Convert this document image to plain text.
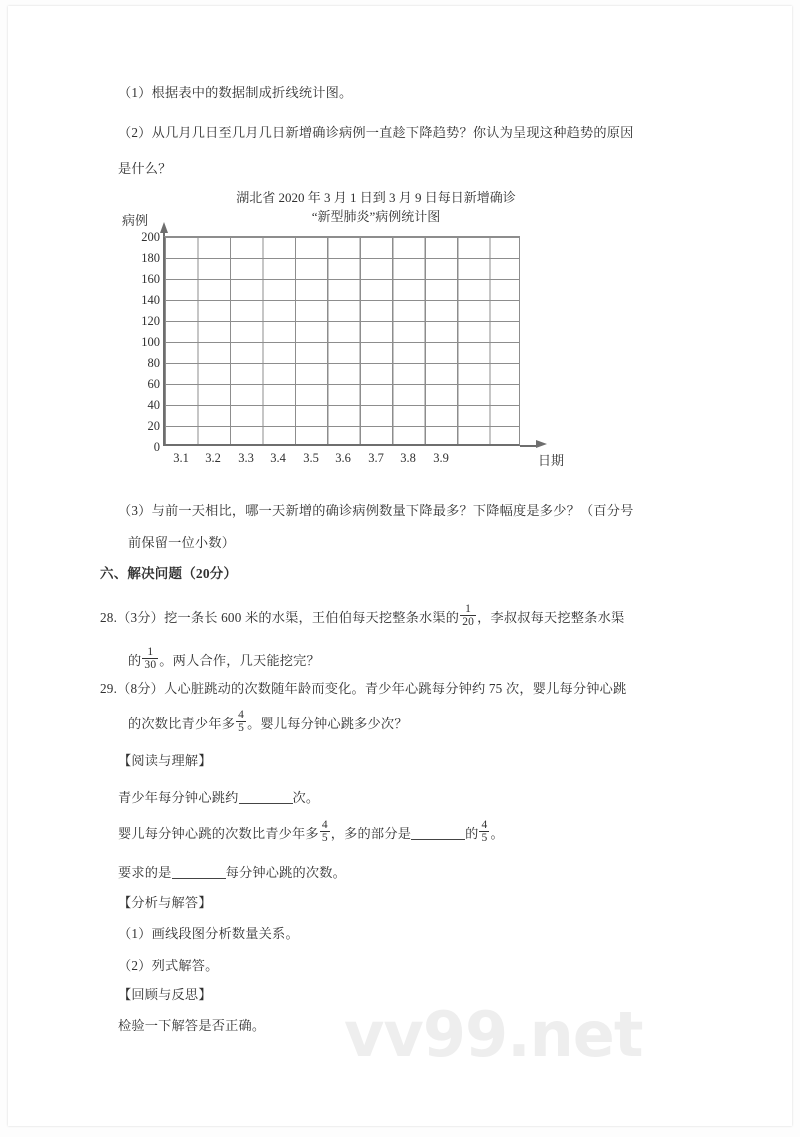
（1）根据表中的数据制成折线统计图。
（2）从几月几日至几月几日新增确诊病例一直趁下降趋势？你认为呈现这种趋势的原因
是什么？
湖北省 2020 年 3 月 1 日到 3 月 9 日每日新增确诊
“新型肺炎”病例统计图
病例
200
180
160
140
120
100
80
60
40
20
0
3.1	3.2	3.3	3.4	3.5	3.6	3.7	3.8	3.9	日期
（3）与前一天相比，哪一天新增的确诊病例数量下降最多？下降幅度是多少？（百分号
前保留一位小数）
六、解决问题（20分）
28.（3分）挖一条长 600 米的水渠，王伯伯每天挖整条水渠的 $\frac{1}{20}$ ，李叔叔每天挖整条水渠
的 $\frac{1}{30}$ 。两人合作，几天能挖完？
29.（8分）人心脏跳动的次数随年龄而变化。青少年心跳每分钟约 75 次，婴儿每分钟心跳
的次数比青少年多 $\frac{4}{5}$ 。婴儿每分钟心跳多少次？
【阅读与理解】
青少年每分钟心跳约	次。
婴儿每分钟心跳的次数比青少年多 $\frac{4}{5}$ ，多的部分是	的 $\frac{4}{5}$ 。
要求的是	每分钟心跳的次数。
【分析与解答】
（1）画线段图分析数量关系。
（2）列式解答。
【回顾与反思】
检验一下解答是否正确。 vv99.net
